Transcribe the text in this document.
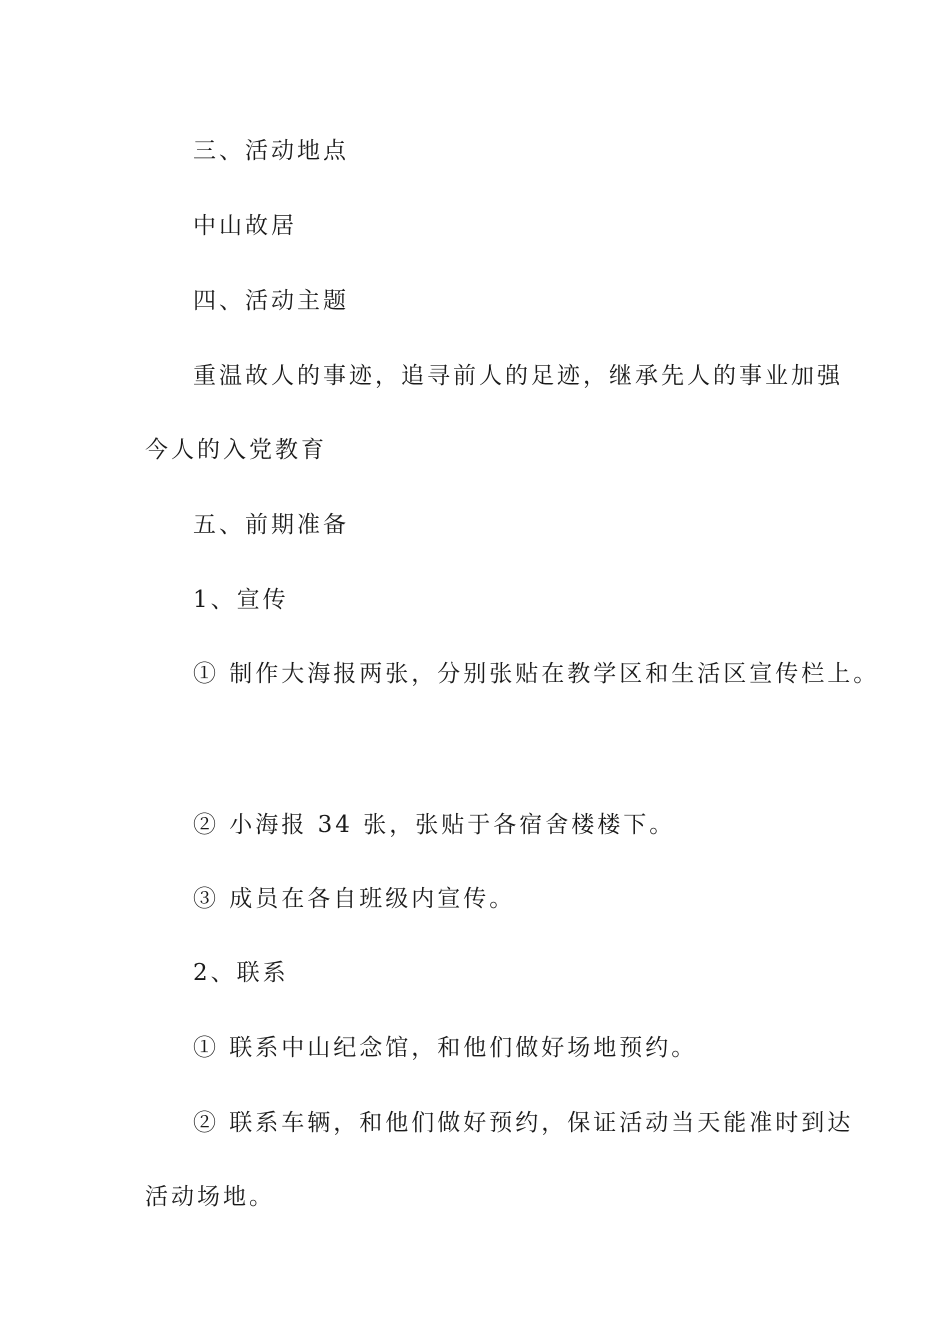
三、活动地点

中山故居

四、活动主题

重温故人的事迹，追寻前人的足迹，继承先人的事业加强

今人的入党教育

五、前期准备

1、宣传

① 制作大海报两张，分别张贴在教学区和生活区宣传栏上。

② 小海报 34 张，张贴于各宿舍楼楼下。

③ 成员在各自班级内宣传。

2、联系

① 联系中山纪念馆，和他们做好场地预约。

② 联系车辆，和他们做好预约，保证活动当天能准时到达

活动场地。
